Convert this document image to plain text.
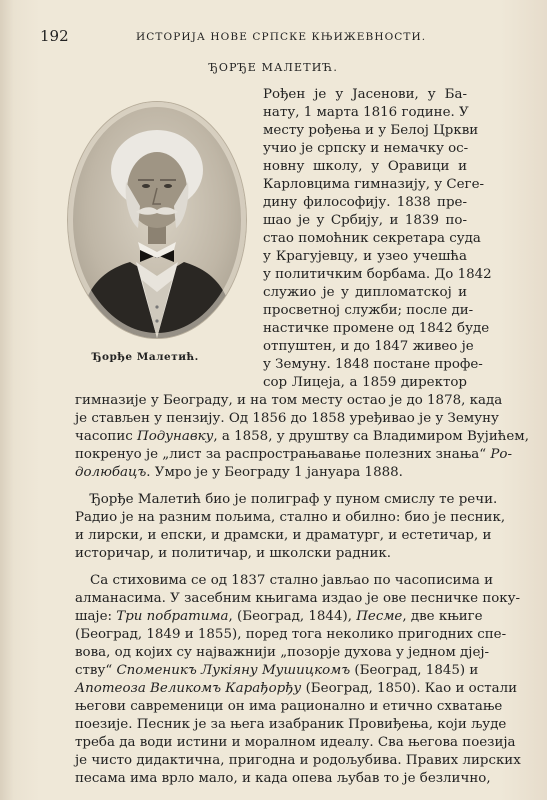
192	ИСТОРИЈА НОВЕ СРПСКЕ КЊИЖЕВНОСТИ.
ЂОРЂЕ МАЛЕТИЋ.
Ђорђе Малетић.
Рођен је у Јасенови, у Ба-
нату, 1 марта 1816 године. У
месту рођења и у Белој Цркви
учио је српску и немачку ос-
новну школу, у Оравици и
Карловцима гимназију, у Сеге-
дину философију. 1838 пре-
шао је у Србију, и 1839 по-
стао помоћник секретара суда
у Крагујевцу, и узео учешћа
у политичким борбама. До 1842
служио је у дипломатској и
просветној служби; после ди-
настичке промене од 1842 буде
отпуштен, и до 1847 живео је
у Земуну. 1848 постане профе-
сор Лицеја, а 1859 директор
гимназије у Београду, и на том месту остао је до 1878, када
је стављен у пензију. Од 1856 до 1858 уређивао је у Земуну
часопис Подунавку, а 1858, у друштву са Владимиром Вујићем,
покренуо је „лист за распрострањавање полезних знања“ Ро-
долюбацъ. Умро је у Београду 1 јануара 1888.
Ђорђе Малетић био је полиграф у пуном смислу те речи.
Радио је на разним пољима, стално и обилно: био је песник,
и лирски, и епски, и драмски, и драматург, и естетичар, и
историчар, и политичар, и школски радник.
Са стиховима се од 1837 стално јављао по часописима и
алманасима. У засебним књигама издао је ове песничке поку-
шаје: Три побратима, (Београд, 1844), Песме, две књиге
(Београд, 1849 и 1855), поред тога неколико пригодних спе-
вова, од којих су најважнији „позорје духова у једном дјеј-
ству“ Споменикъ Лукіяну Мушицкомъ (Београд, 1845) и
Апотеоза Великомъ Карађорђу (Београд, 1850). Као и остали
његови савременици он има рационално и етично схватање
поезије. Песник је за њега изабраник Провиђења, који људе
треба да води истини и моралном идеалу. Сва његова поезија
је чисто дидактична, пригодна и родољубива. Правих лирских
песама има врло мало, и када опева љубав то је безлично,
